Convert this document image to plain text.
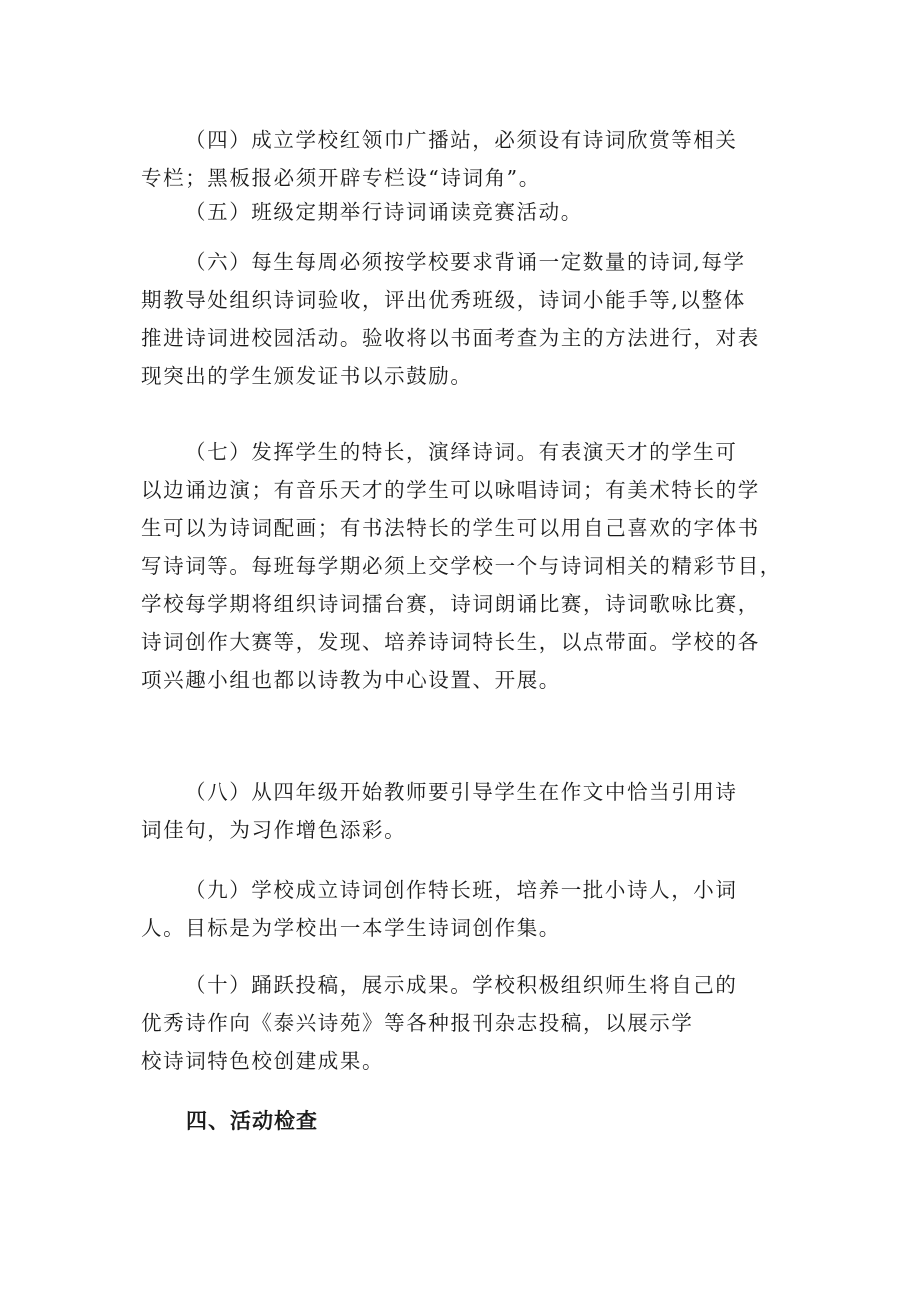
（四）成立学校红领巾广播站，必须设有诗词欣赏等相关
专栏；黑板报必须开辟专栏设“诗词角”。
（五）班级定期举行诗词诵读竞赛活动。
（六）每生每周必须按学校要求背诵一定数量的诗词,每学
期教导处组织诗词验收，评出优秀班级，诗词小能手等,以整体
推进诗词进校园活动。验收将以书面考查为主的方法进行，对表
现突出的学生颁发证书以示鼓励。
（七）发挥学生的特长，演绎诗词。有表演天才的学生可
以边诵边演；有音乐天才的学生可以咏唱诗词；有美术特长的学
生可以为诗词配画；有书法特长的学生可以用自己喜欢的字体书
写诗词等。每班每学期必须上交学校一个与诗词相关的精彩节目，
学校每学期将组织诗词擂台赛，诗词朗诵比赛，诗词歌咏比赛，
诗词创作大赛等，发现、培养诗词特长生，以点带面。学校的各
项兴趣小组也都以诗教为中心设置、开展。
（八）从四年级开始教师要引导学生在作文中恰当引用诗
词佳句，为习作增色添彩。
（九）学校成立诗词创作特长班，培养一批小诗人，小词
人。目标是为学校出一本学生诗词创作集。
（十）踊跃投稿，展示成果。学校积极组织师生将自己的
优秀诗作向《泰兴诗苑》等各种报刊杂志投稿，以展示学
校诗词特色校创建成果。
四、活动检查
